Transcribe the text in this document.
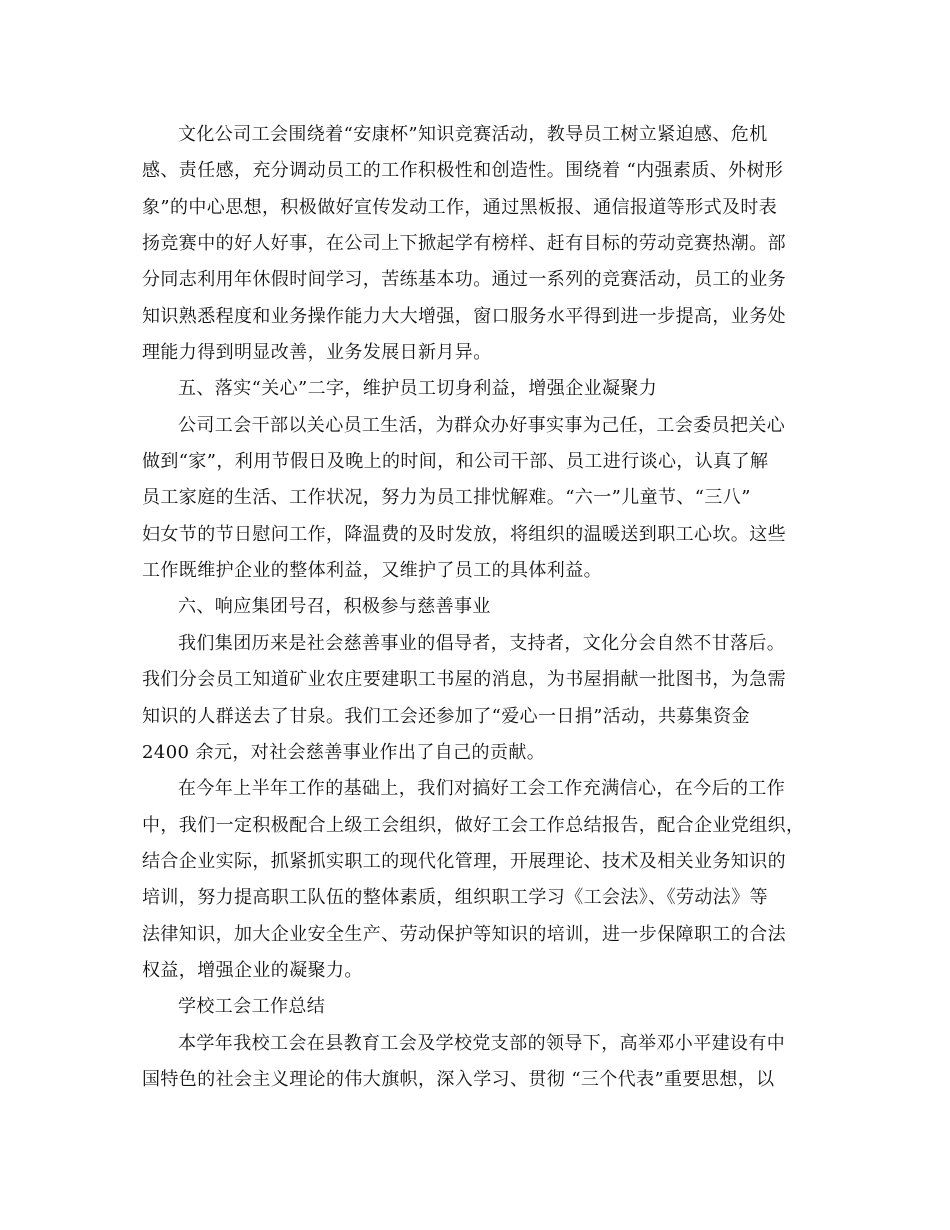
文化公司工会围绕着“安康杯”知识竞赛活动，教导员工树立紧迫感、危机
感、责任感，充分调动员工的工作积极性和创造性。围绕着 “内强素质、外树形
象”的中心思想，积极做好宣传发动工作，通过黑板报、通信报道等形式及时表
扬竞赛中的好人好事，在公司上下掀起学有榜样、赶有目标的劳动竞赛热潮。部
分同志利用年休假时间学习，苦练基本功。通过一系列的竞赛活动，员工的业务
知识熟悉程度和业务操作能力大大增强，窗口服务水平得到进一步提高，业务处
理能力得到明显改善，业务发展日新月异。

五、落实“关心”二字，维护员工切身利益，增强企业凝聚力

公司工会干部以关心员工生活，为群众办好事实事为己任，工会委员把关心
做到“家”，利用节假日及晚上的时间，和公司干部、员工进行谈心，认真了解
员工家庭的生活、工作状况，努力为员工排忧解难。“六一”儿童节、“三八”
妇女节的节日慰问工作，降温费的及时发放，将组织的温暖送到职工心坎。这些
工作既维护企业的整体利益，又维护了员工的具体利益。

六、响应集团号召，积极参与慈善事业

我们集团历来是社会慈善事业的倡导者，支持者，文化分会自然不甘落后。
我们分会员工知道矿业农庄要建职工书屋的消息，为书屋捐献一批图书，为急需
知识的人群送去了甘泉。我们工会还参加了“爱心一日捐”活动，共募集资金
2400 余元，对社会慈善事业作出了自己的贡献。

在今年上半年工作的基础上，我们对搞好工会工作充满信心，在今后的工作
中，我们一定积极配合上级工会组织，做好工会工作总结报告，配合企业党组织，
结合企业实际，抓紧抓实职工的现代化管理，开展理论、技术及相关业务知识的
培训，努力提高职工队伍的整体素质，组织职工学习《工会法》、《劳动法》等
法律知识，加大企业安全生产、劳动保护等知识的培训，进一步保障职工的合法
权益，增强企业的凝聚力。

学校工会工作总结

本学年我校工会在县教育工会及学校党支部的领导下，高举邓小平建设有中
国特色的社会主义理论的伟大旗帜，深入学习、贯彻 “三个代表”重要思想，以
